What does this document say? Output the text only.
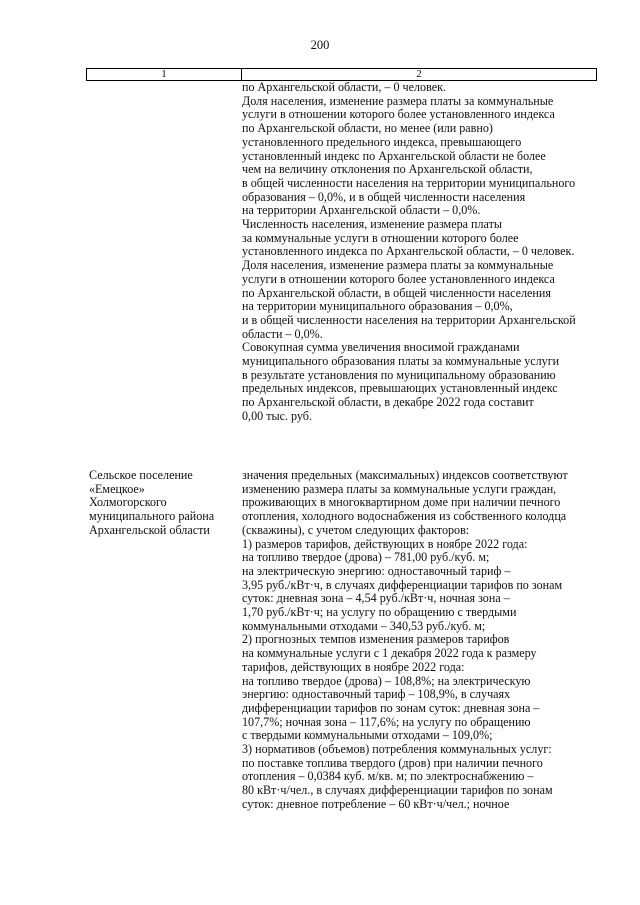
200
1	2
по Архангельской области, – 0 человек.
Доля населения, изменение размера платы за коммунальные
услуги в отношении которого более установленного индекса
по Архангельской области, но менее (или равно)
установленного предельного индекса, превышающего
установленный индекс по Архангельской области не более
чем на величину отклонения по Архангельской области,
в общей численности населения на территории муниципального
образования – 0,0%, и в общей численности населения
на территории Архангельской области – 0,0%.
Численность населения, изменение размера платы
за коммунальные услуги в отношении которого более
установленного индекса по Архангельской области, – 0 человек.
Доля населения, изменение размера платы за коммунальные
услуги в отношении которого более установленного индекса
по Архангельской области, в общей численности населения
на территории муниципального образования – 0,0%,
и в общей численности населения на территории Архангельской
области – 0,0%.
Совокупная сумма увеличения вносимой гражданами
муниципального образования платы за коммунальные услуги
в результате установления по муниципальному образованию
предельных индексов, превышающих установленный индекс
по Архангельской области, в декабре 2022 года составит
0,00 тыс. руб.
Сельское поселение
«Емецкое»
Холмогорского
муниципального района
Архангельской области
значения предельных (максимальных) индексов соответствуют
изменению размера платы за коммунальные услуги граждан,
проживающих в многоквартирном доме при наличии печного
отопления, холодного водоснабжения из собственного колодца
(скважины), с учетом следующих факторов:
1) размеров тарифов, действующих в ноябре 2022 года:
на топливо твердое (дрова) – 781,00 руб./куб. м;
на электрическую энергию: одноставочный тариф –
3,95 руб./кВт·ч, в случаях дифференциации тарифов по зонам
суток: дневная зона – 4,54 руб./кВт·ч, ночная зона –
1,70 руб./кВт·ч; на услугу по обращению с твердыми
коммунальными отходами – 340,53 руб./куб. м;
2) прогнозных темпов изменения размеров тарифов
на коммунальные услуги с 1 декабря 2022 года к размеру
тарифов, действующих в ноябре 2022 года:
на топливо твердое (дрова) – 108,8%; на электрическую
энергию: одноставочный тариф – 108,9%, в случаях
дифференциации тарифов по зонам суток: дневная зона –
107,7%; ночная зона – 117,6%; на услугу по обращению
с твердыми коммунальными отходами – 109,0%;
3) нормативов (объемов) потребления коммунальных услуг:
по поставке топлива твердого (дров) при наличии печного
отопления – 0,0384 куб. м/кв. м; по электроснабжению –
80 кВт·ч/чел., в случаях дифференциации тарифов по зонам
суток: дневное потребление – 60 кВт·ч/чел.; ночное
